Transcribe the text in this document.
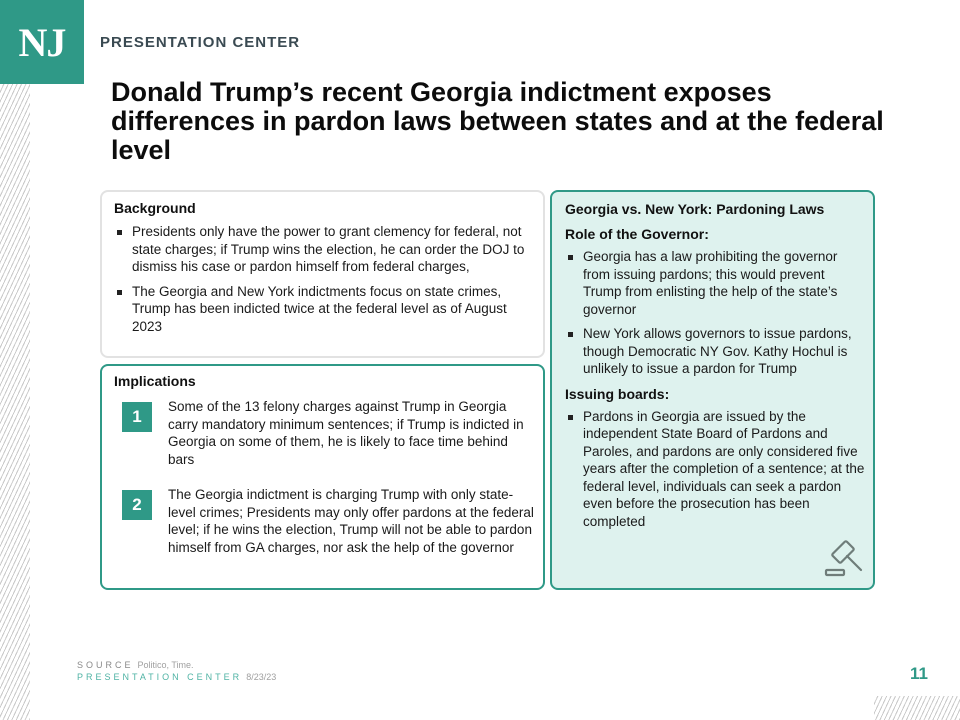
NJ	PRESENTATION CENTER
Donald Trump’s recent Georgia indictment exposes differences in pardon laws between states and at the federal level
Background
Presidents only have the power to grant clemency for federal, not state charges; if Trump wins the election, he can order the DOJ to dismiss his case or pardon himself from federal charges,
The Georgia and New York indictments focus on state crimes, Trump has been indicted twice at the federal level as of August 2023
Implications
1
Some of the 13 felony charges against Trump in Georgia carry mandatory minimum sentences; if Trump is indicted in Georgia on some of them, he is likely to face time behind bars
2
The Georgia indictment is charging Trump with only state-level crimes; Presidents may only offer pardons at the federal level; if he wins the election, Trump will not be able to pardon himself from GA charges, nor ask the help of the governor
Georgia vs. New York: Pardoning Laws
Role of the Governor:
Georgia has a law prohibiting the governor from issuing pardons; this would prevent Trump from enlisting the help of the state’s governor
New York allows governors to issue pardons, though Democratic NY Gov. Kathy Hochul is unlikely to issue a pardon for Trump
Issuing boards:
Pardons in Georgia are issued by the independent State Board of Pardons and Paroles, and pardons are only considered five years after the completion of a sentence; at the federal level, individuals can seek a pardon even before the prosecution has been completed
SOURCE Politico, Time.
PRESENTATION CENTER 8/23/23	11
